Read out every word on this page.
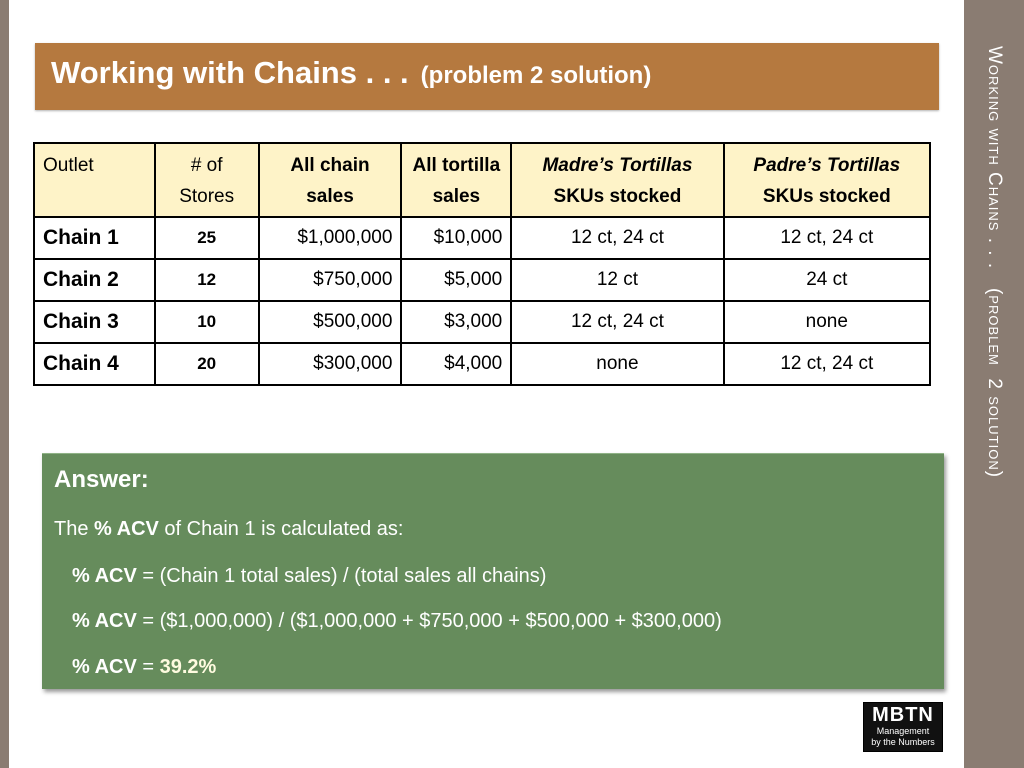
Working with Chains . . .   (problem  2 solution)
Working with Chains . . . (problem 2 solution)
Outlet	# of Stores	All chain sales	All tortilla sales	Madre’s Tortillas SKUs stocked	Padre’s Tortillas SKUs stocked
Chain 1	25	$1,000,000	$10,000	12 ct, 24 ct	12 ct, 24 ct
Chain 2	12	$750,000	$5,000	12 ct	24 ct
Chain 3	10	$500,000	$3,000	12 ct, 24 ct	none
Chain 4	20	$300,000	$4,000	none	12 ct, 24 ct
Answer:
The % ACV of Chain 1 is calculated as:
% ACV = (Chain 1 total sales) / (total sales all chains)
% ACV = ($1,000,000) / ($1,000,000 + $750,000 + $500,000 + $300,000)
% ACV = 39.2%
MBTN
Management
by the Numbers
